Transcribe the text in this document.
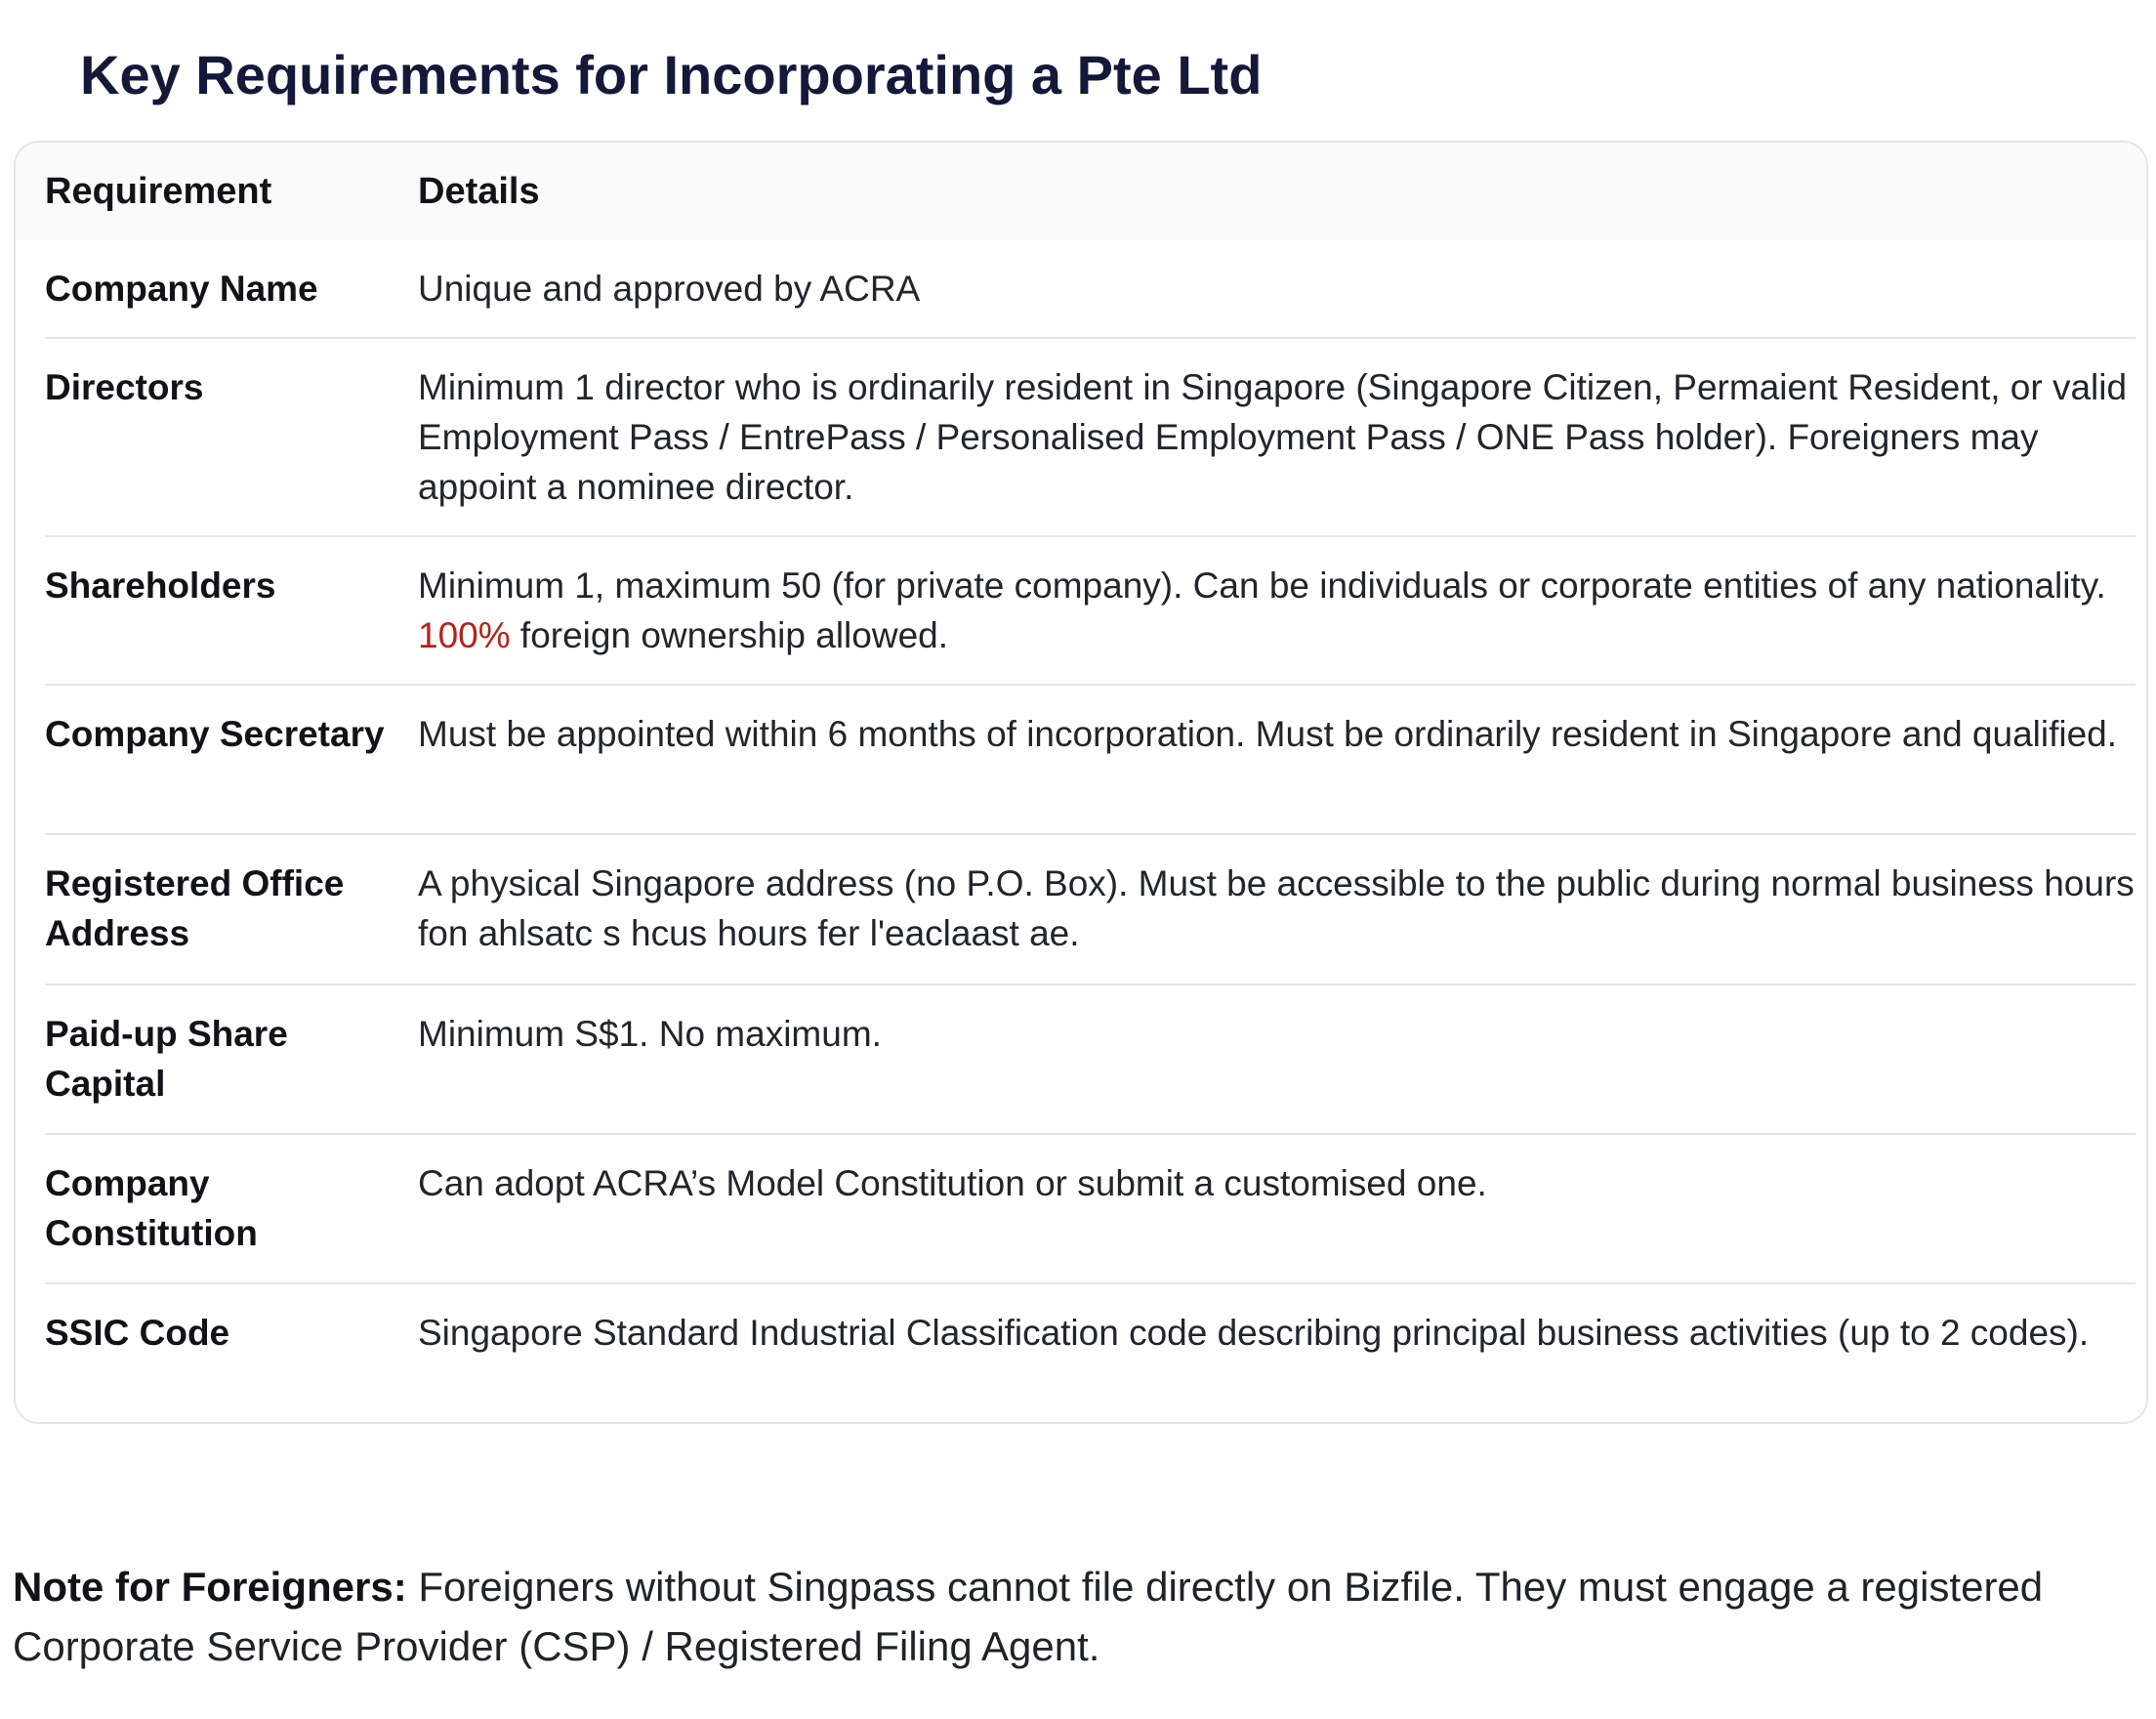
Key Requirements for Incorporating a Pte Ltd
Requirement	Details
Company Name	Unique and approved by ACRA
Directors	Minimum 1 director who is ordinarily resident in Singapore (Singapore Citizen, Permaient Resident, or valid Employment Pass / EntrePass / Personalised Employment Pass / ONE Pass holder). Foreigners may appoint a nominee director.
Shareholders	Minimum 1, maximum 50 (for private company). Can be individuals or corporate entities of any nationality. 100% foreign ownership allowed.
Company Secretary	Must be appointed within 6 months of incorporation. Must be ordinarily resident in Singapore and qualified.
Registered Office Address	A physical Singapore address (no P.O. Box). Must be accessible to the public during normal business hours fon ahlsatc s hcus hours fer l'eaclaast ae.
Paid-up Share Capital	Minimum S$1. No maximum.
Company Constitution	Can adopt ACRA’s Model Constitution or submit a customised one.
SSIC Code	Singapore Standard Industrial Classification code describing principal business activities (up to 2 codes).

Note for Foreigners: Foreigners without Singpass cannot file directly on Bizfile. They must engage a registered Corporate Service Provider (CSP) / Registered Filing Agent.
